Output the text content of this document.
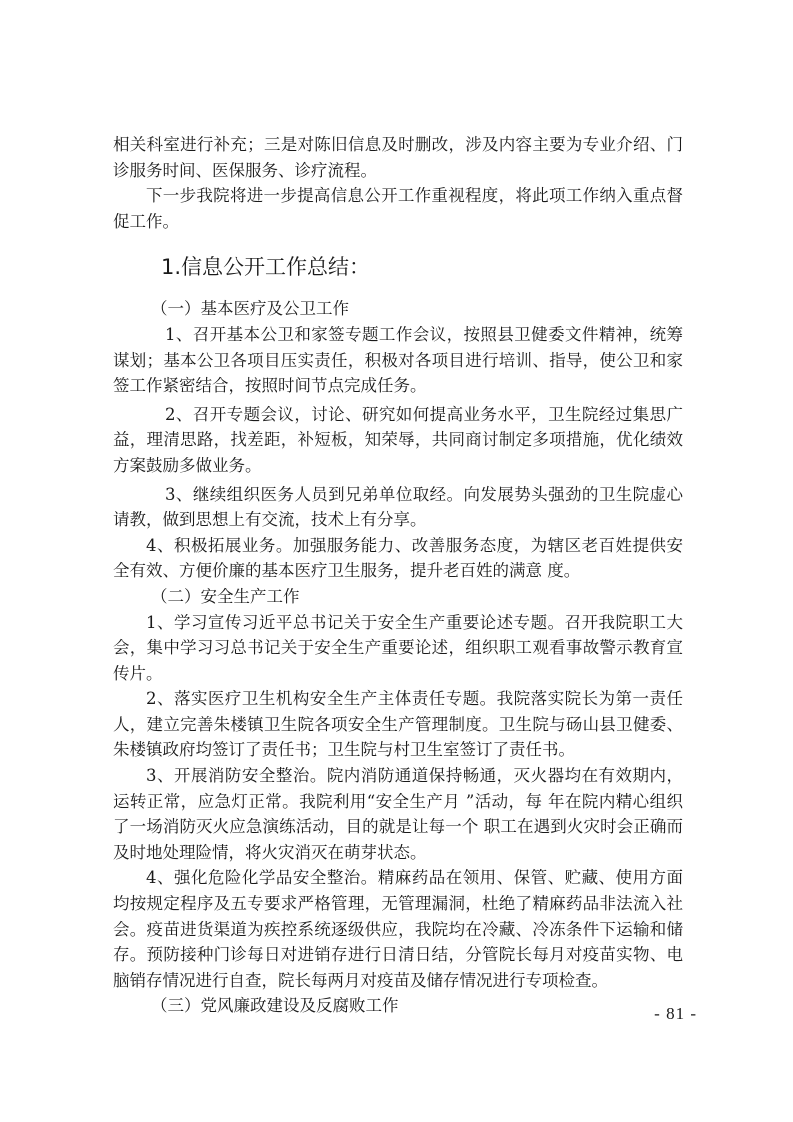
相关科室进行补充；三是对陈旧信息及时删改，涉及内容主要为专业介绍、门诊服务时间、医保服务、诊疗流程。

下一步我院将进一步提高信息公开工作重视程度，将此项工作纳入重点督促工作。

1.信息公开工作总结：

（一）基本医疗及公卫工作

1、召开基本公卫和家签专题工作会议，按照县卫健委文件精神，统筹谋划；基本公卫各项目压实责任，积极对各项目进行培训、指导，使公卫和家签工作紧密结合，按照时间节点完成任务。

2、召开专题会议，讨论、研究如何提高业务水平，卫生院经过集思广益，理清思路，找差距，补短板，知荣辱，共同商讨制定多项措施，优化绩效方案鼓励多做业务。

3、继续组织医务人员到兄弟单位取经。向发展势头强劲的卫生院虚心请教，做到思想上有交流，技术上有分享。

4、积极拓展业务。加强服务能力、改善服务态度，为辖区老百姓提供安全有效、方便价廉的基本医疗卫生服务，提升老百姓的满意 度。

（二）安全生产工作

1、学习宣传习近平总书记关于安全生产重要论述专题。召开我院职工大会，集中学习习总书记关于安全生产重要论述，组织职工观看事故警示教育宣传片。

2、落实医疗卫生机构安全生产主体责任专题。我院落实院长为第一责任人，建立完善朱楼镇卫生院各项安全生产管理制度。卫生院与砀山县卫健委、朱楼镇政府均签订了责任书；卫生院与村卫生室签订了责任书。

3、开展消防安全整治。院内消防通道保持畅通，灭火器均在有效期内，运转正常，应急灯正常。我院利用“安全生产月 ”活动，每 年在院内精心组织了一场消防灭火应急演练活动，目的就是让每一个 职工在遇到火灾时会正确而及时地处理险情，将火灾消灭在萌芽状态。

4、强化危险化学品安全整治。精麻药品在领用、保管、贮藏、使用方面均按规定程序及五专要求严格管理，无管理漏洞，杜绝了精麻药品非法流入社会。疫苗进货渠道为疾控系统逐级供应，我院均在冷藏、冷冻条件下运输和储存。预防接种门诊每日对进销存进行日清日结，分管院长每月对疫苗实物、电脑销存情况进行自查，院长每两月对疫苗及储存情况进行专项检查。

（三）党风廉政建设及反腐败工作	- 81 -
